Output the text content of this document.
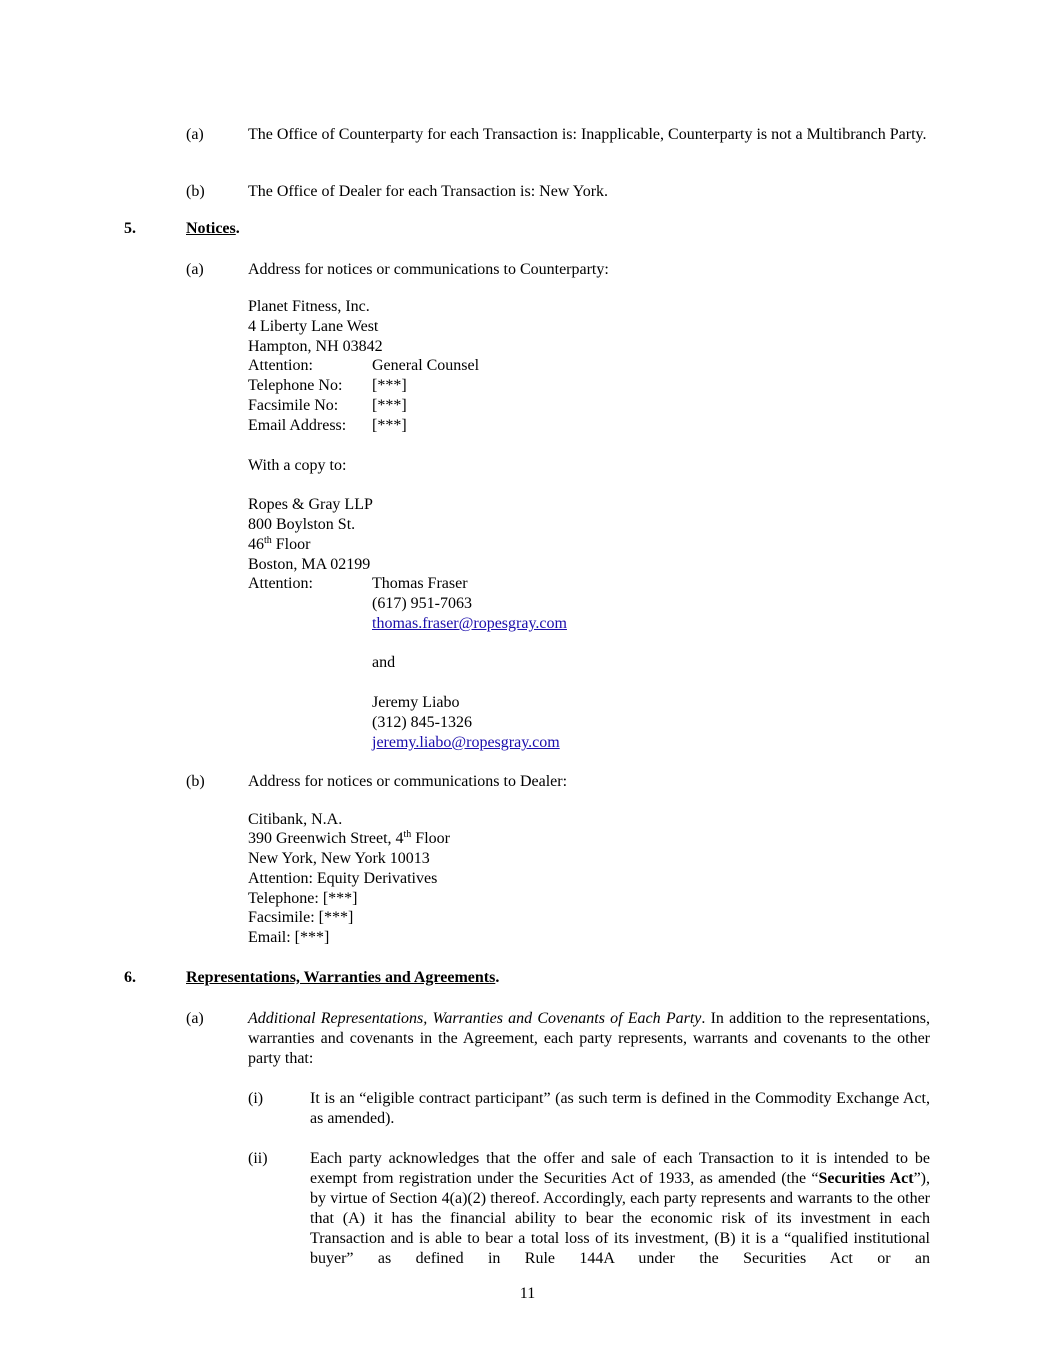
(a)	The Office of Counterparty for each Transaction is: Inapplicable, Counterparty is not a Multibranch Party.
(b)	The Office of Dealer for each Transaction is: New York.
5.	Notices.
(a)	Address for notices or communications to Counterparty:
Planet Fitness, Inc.
4 Liberty Lane West
Hampton, NH 03842
Attention:	General Counsel
Telephone No: [***]
Facsimile No: [***]
Email Address: [***]
With a copy to:
Ropes & Gray LLP
800 Boylston St.
46th Floor
Boston, MA 02199
Attention:	Thomas Fraser
(617) 951-7063
thomas.fraser@ropesgray.com
and
Jeremy Liabo
(312) 845-1326
jeremy.liabo@ropesgray.com
(b)	Address for notices or communications to Dealer:
Citibank, N.A.
390 Greenwich Street, 4th Floor
New York, New York 10013
Attention: Equity Derivatives
Telephone: [***]
Facsimile: [***]
Email: [***]
6.	Representations, Warranties and Agreements.
(a)	Additional Representations, Warranties and Covenants of Each Party. In addition to the representations, warranties and covenants in the Agreement, each party represents, warrants and covenants to the other party that:
(i)	It is an “eligible contract participant” (as such term is defined in the Commodity Exchange Act, as amended).
(ii)	Each party acknowledges that the offer and sale of each Transaction to it is intended to be exempt from registration under the Securities Act of 1933, as amended (the “Securities Act”), by virtue of Section 4(a)(2) thereof. Accordingly, each party represents and warrants to the other that (A) it has the financial ability to bear the economic risk of its investment in each Transaction and is able to bear a total loss of its investment, (B) it is a “qualified institutional buyer” as defined in Rule 144A under the Securities Act or an
11
